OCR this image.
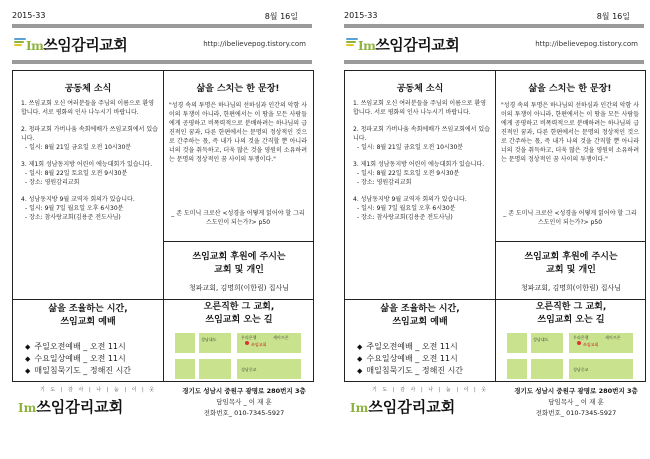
2015-33	8월 16일
Im쓰임감리교회	http://ibelievepog.tistory.com
공동체 소식
1. 쓰임교회 오신 여러분들을 주님의 이름으로 환영합니다. 서로 평화의 인사 나누시기 바랍니다.
2. 청파교회 가버나움 속회에배가 쓰임교회에서 있습니다.
- 일시: 8월 21일 금요일 오전 10시30분
3. 제1회 성남동지방 어린이 에능대회가 있습니다.
- 일시: 8월 22일 토요일 오전 9시30분
- 장소: 영원감리교회
4. 성남동지방 9월 교역자 회의가 있습니다.
- 일시: 9월 7일 월요일 오후 6시30분
- 장소: 참사랑교회(김용준 전도사님)
삶을 스치는 한 문장!
"성경 속의 투명은 하나님의 선하심과 인간의 악함 사이의 투쟁이 아니라, 한편에서는 이 땅을 모든 사람들에게 공평하고 비폭력적으로 분배하려는 하나님의 급진적인 꿈과, 다른 한편에서는 문명의 정상적인 것으로 간주하는 몫, 즉 내가 나의 것을 간직할 뿐 아니라 너의 것을 취득하고, 더욱 많은 것을 영원히 소유하려는 문명의 정상적인 꿈 사이의 투쟁이다."
_ 존 도미닉 크로산 <성경을 어떻게 읽어야 할 그리스도인이 되는가?> p50
쓰임교회 후원에 주시는
교회 및 개인
청파교회, 김명희(이한림) 집사님
삶을 조율하는 시간,
쓰임교회 예배
◆ 주일오전예배 _ 오전 11시
◆ 수요일상예배 _ 오전 11시
◆ 매일침묵기도 _ 정해진 시간
오른직한 그 교회,
쓰임교회 오는 길
성남대도	우리은행	세이프존
쓰임교회
성남중교
기 도 | 감 사 | 나 | 눔 | 이 | 웃
Im쓰임감리교회
경기도 성남시 중원구 광명로 280번지 3층
담임목사 _ 이 재 훈
전화번호_ 010-7345-5927
2015-33	8월 16일
Im쓰임감리교회	http://ibelievepog.tistory.com
공동체 소식
1. 쓰임교회 오신 여러분들을 주님의 이름으로 환영합니다. 서로 평화의 인사 나누시기 바랍니다.
2. 청파교회 가버나움 속회에배가 쓰임교회에서 있습니다.
- 일시: 8월 21일 금요일 오전 10시30분
3. 제1회 성남동지방 어린이 에능대회가 있습니다.
- 일시: 8월 22일 토요일 오전 9시30분
- 장소: 영원감리교회
4. 성남동지방 9월 교역자 회의가 있습니다.
- 일시: 9월 7일 월요일 오후 6시30분
- 장소: 참사랑교회(김용준 전도사님)
삶을 스치는 한 문장!
"성경 속의 투명은 하나님의 선하심과 인간의 악함 사이의 투쟁이 아니라, 한편에서는 이 땅을 모든 사람들에게 공평하고 비폭력적으로 분배하려는 하나님의 급진적인 꿈과, 다른 한편에서는 문명의 정상적인 것으로 간주하는 몫, 즉 내가 나의 것을 간직할 뿐 아니라 너의 것을 취득하고, 더욱 많은 것을 영원히 소유하려는 문명의 정상적인 꿈 사이의 투쟁이다."
_ 존 도미닉 크로산 <성경을 어떻게 읽어야 할 그리스도인이 되는가?> p50
쓰임교회 후원에 주시는
교회 및 개인
청파교회, 김명희(이한림) 집사님
삶을 조율하는 시간,
쓰임교회 예배
◆ 주일오전예배 _ 오전 11시
◆ 수요일상예배 _ 오전 11시
◆ 매일침묵기도 _ 정해진 시간
오른직한 그 교회,
쓰임교회 오는 길
성남대도	우리은행	세이프존
쓰임교회
성남중교
기 도 | 감 사 | 나 | 눔 | 이 | 웃
Im쓰임감리교회
경기도 성남시 중원구 광명로 280번지 3층
담임목사 _ 이 재 훈
전화번호_ 010-7345-5927
